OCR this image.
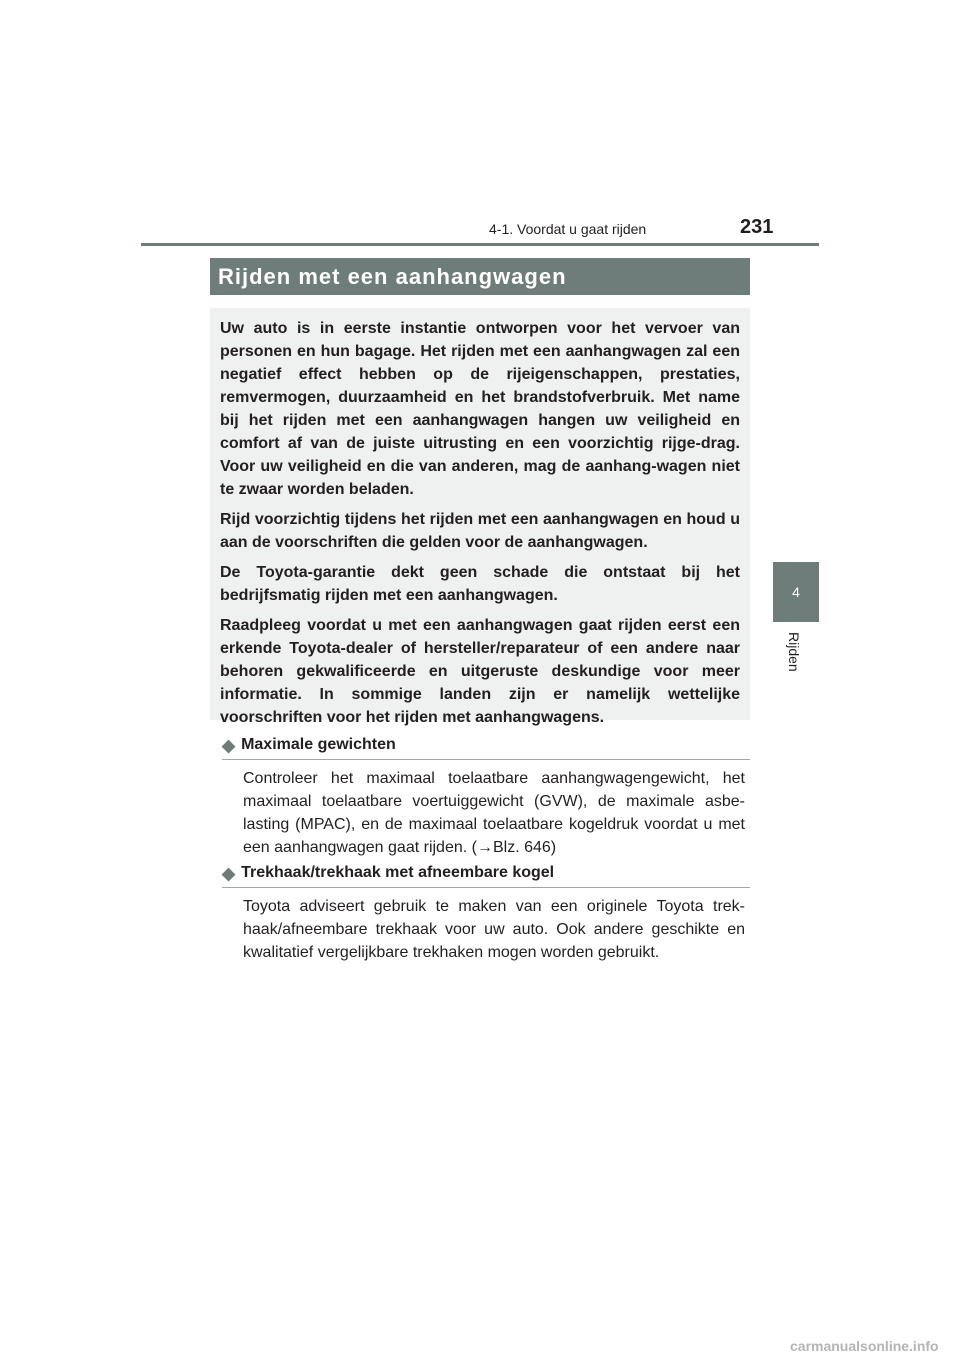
4-1. Voordat u gaat rijden	231
4
Rijden
Rijden met een aanhangwagen

Uw auto is in eerste instantie ontworpen voor het vervoer van personen en hun bagage. Het rijden met een aanhangwagen zal een negatief effect hebben op de rijeigenschappen, prestaties, remvermogen, duurzaamheid en het brandstofverbruik. Met name bij het rijden met een aanhangwagen hangen uw veiligheid en comfort af van de juiste uitrusting en een voorzichtig rijge-drag. Voor uw veiligheid en die van anderen, mag de aanhang-wagen niet te zwaar worden beladen.

Rijd voorzichtig tijdens het rijden met een aanhangwagen en houd u aan de voorschriften die gelden voor de aanhangwagen.

De Toyota-garantie dekt geen schade die ontstaat bij het bedrijfsmatig rijden met een aanhangwagen.

Raadpleeg voordat u met een aanhangwagen gaat rijden eerst een erkende Toyota-dealer of hersteller/reparateur of een andere naar behoren gekwalificeerde en uitgeruste deskundige voor meer informatie. In sommige landen zijn er namelijk wettelijke voorschriften voor het rijden met aanhangwagens.

◆ Maximale gewichten

Controleer het maximaal toelaatbare aanhangwagengewicht, het maximaal toelaatbare voertuiggewicht (GVW), de maximale asbe-lasting (MPAC), en de maximaal toelaatbare kogeldruk voordat u met een aanhangwagen gaat rijden. (→Blz. 646)

◆ Trekhaak/trekhaak met afneembare kogel

Toyota adviseert gebruik te maken van een originele Toyota trek-haak/afneembare trekhaak voor uw auto. Ook andere geschikte en kwalitatief vergelijkbare trekhaken mogen worden gebruikt.

carmanualsonline.info
